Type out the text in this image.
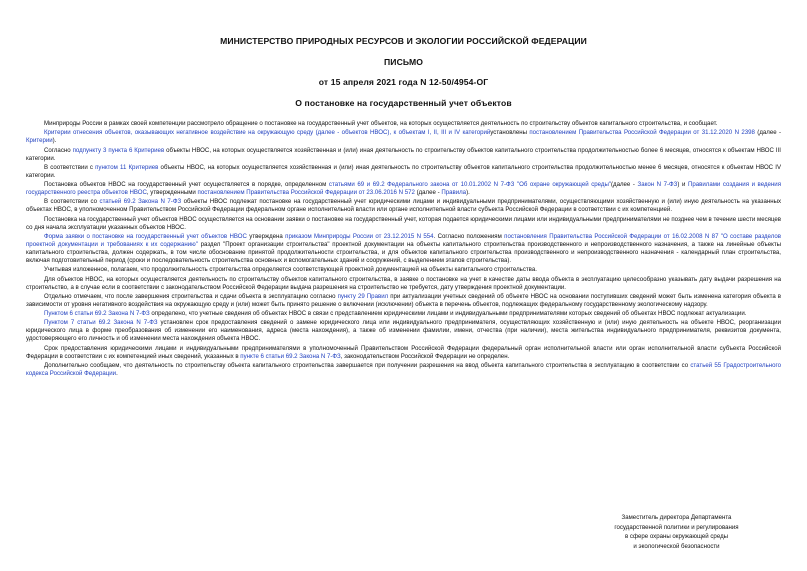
МИНИСТЕРСТВО ПРИРОДНЫХ РЕСУРСОВ И ЭКОЛОГИИ РОССИЙСКОЙ ФЕДЕРАЦИИ
ПИСЬМО
от 15 апреля 2021 года N 12-50/4954-ОГ
О постановке на государственный учет объектов

Минприроды России в рамках своей компетенции рассмотрело обращение о постановке на государственный учет объектов, на которых осуществляется деятельность по строительству объектов капитального строительства, и сообщает.

Критерии отнесения объектов, оказывающих негативное воздействие на окружающую среду (далее - объектов НВОС), к объектам I, II, III и IV категорийустановлены постановлением Правительства Российской Федерации от 31.12.2020 N 2398 (далее - Критерии).

Согласно подпункту 3 пункта 6 Критериев объекты НВОС, на которых осуществляется хозяйственная и (или) иная деятельность по строительству объектов капитального строительства продолжительностью более 6 месяцев, относятся к объектам НВОС III категории.

В соответствии с пунктом 11 Критериев объекты НВОС, на которых осуществляется хозяйственная и (или) иная деятельность по строительству объектов капитального строительства продолжительностью менее 6 месяцев, относятся к объектам НВОС IV категории.

Постановка объектов НВОС на государственный учет осуществляется в порядке, определенном статьями 69 и 69.2 Федерального закона от 10.01.2002 N 7-ФЗ "Об охране окружающей среды"(далее - Закон N 7-ФЗ) и Правилами создания и ведения государственного реестра объектов НВОС, утвержденными постановлением Правительства Российской Федерации от 23.06.2016 N 572 (далее - Правила).

В соответствии со статьей 69.2 Закона N 7-ФЗ объекты НВОС подлежат постановке на государственный учет юридическими лицами и индивидуальными предпринимателями, осуществляющими хозяйственную и (или) иную деятельность на указанных объектах НВОС, в уполномоченном Правительством Российской Федерации федеральном органе исполнительной власти или органе исполнительной власти субъекта Российской Федерации в соответствии с их компетенцией.

Постановка на государственный учет объектов НВОС осуществляется на основании заявки о постановке на государственный учет, которая подается юридическими лицами или индивидуальными предпринимателями не позднее чем в течение шести месяцев со дня начала эксплуатации указанных объектов НВОС.

Форма заявки о постановке на государственный учет объектов НВОС утверждена приказом Минприроды России от 23.12.2015 N 554. Согласно положениям постановления Правительства Российской Федерации от 16.02.2008 N 87 "О составе разделов проектной документации и требованиях к их содержанию" раздел "Проект организации строительства" проектной документации на объекты капитального строительства производственного и непроизводственного назначения, а также на линейные объекты капитального строительства, должен содержать, в том числе обоснование принятой продолжительности строительства, и для объектов капитального строительства производственного и непроизводственного назначения - календарный план строительства, включая подготовительный период (сроки и последовательность строительства основных и вспомогательных зданий и сооружений, с выделением этапов строительства).

Учитывая изложенное, полагаем, что продолжительность строительства определяется соответствующей проектной документацией на объекты капитального строительства.

Для объектов НВОС, на которых осуществляется деятельность по строительству объектов капитального строительства, в заявке о постановке на учет в качестве даты ввода объекта в эксплуатацию целесообразно указывать дату выдачи разрешения на строительство, а в случае если в соответствии с законодательством Российской Федерации выдача разрешения на строительство не требуется, дату утверждения проектной документации.

Отдельно отмечаем, что после завершения строительства и сдачи объекта в эксплуатацию согласно пункту 29 Правил при актуализации учетных сведений об объекте НВОС на основании поступивших сведений может быть изменена категория объекта в зависимости от уровня негативного воздействия на окружающую среду и (или) может быть принято решение о включении (исключении) объекта в перечень объектов, подлежащих федеральному государственному экологическому надзору.

Пунктом 6 статьи 69.2 Закона N 7-ФЗ определено, что учетные сведения об объектах НВОС в связи с представлением юридическими лицами и индивидуальными предпринимателями которых сведений об объектах НВОС подлежат актуализации.

Пунктом 7 статьи 69.2 Закона N 7-ФЗ установлен срок предоставления сведений о замене юридического лица или индивидуального предпринимателя, осуществляющих хозяйственную и (или) иную деятельность на объекте НВОС, реорганизации юридического лица в форме преобразования об изменении его наименования, адреса (места нахождения), а также об изменении фамилии, имени, отчества (при наличии), места жительства индивидуального предпринимателя, реквизитов документа, удостоверяющего его личность и об изменении места нахождения объекта НВОС.

Срок предоставления юридическими лицами и индивидуальными предпринимателями в уполномоченный Правительством Российской Федерации федеральный орган исполнительной власти или орган исполнительной власти субъекта Российской Федерации в соответствии с их компетенцией иных сведений, указанных в пункте 6 статьи 69.2 Закона N 7-ФЗ, законодательством Российской Федерации не определен.

Дополнительно сообщаем, что деятельность по строительству объекта капитального строительства завершается при получении разрешения на ввод объекта капитального строительства в эксплуатацию в соответствии со статьей 55 Градостроительного кодекса Российской Федерации.

Заместитель директора Департамента
государственной политики и регулирования
в сфере охраны окружающей среды
и экологической безопасности
